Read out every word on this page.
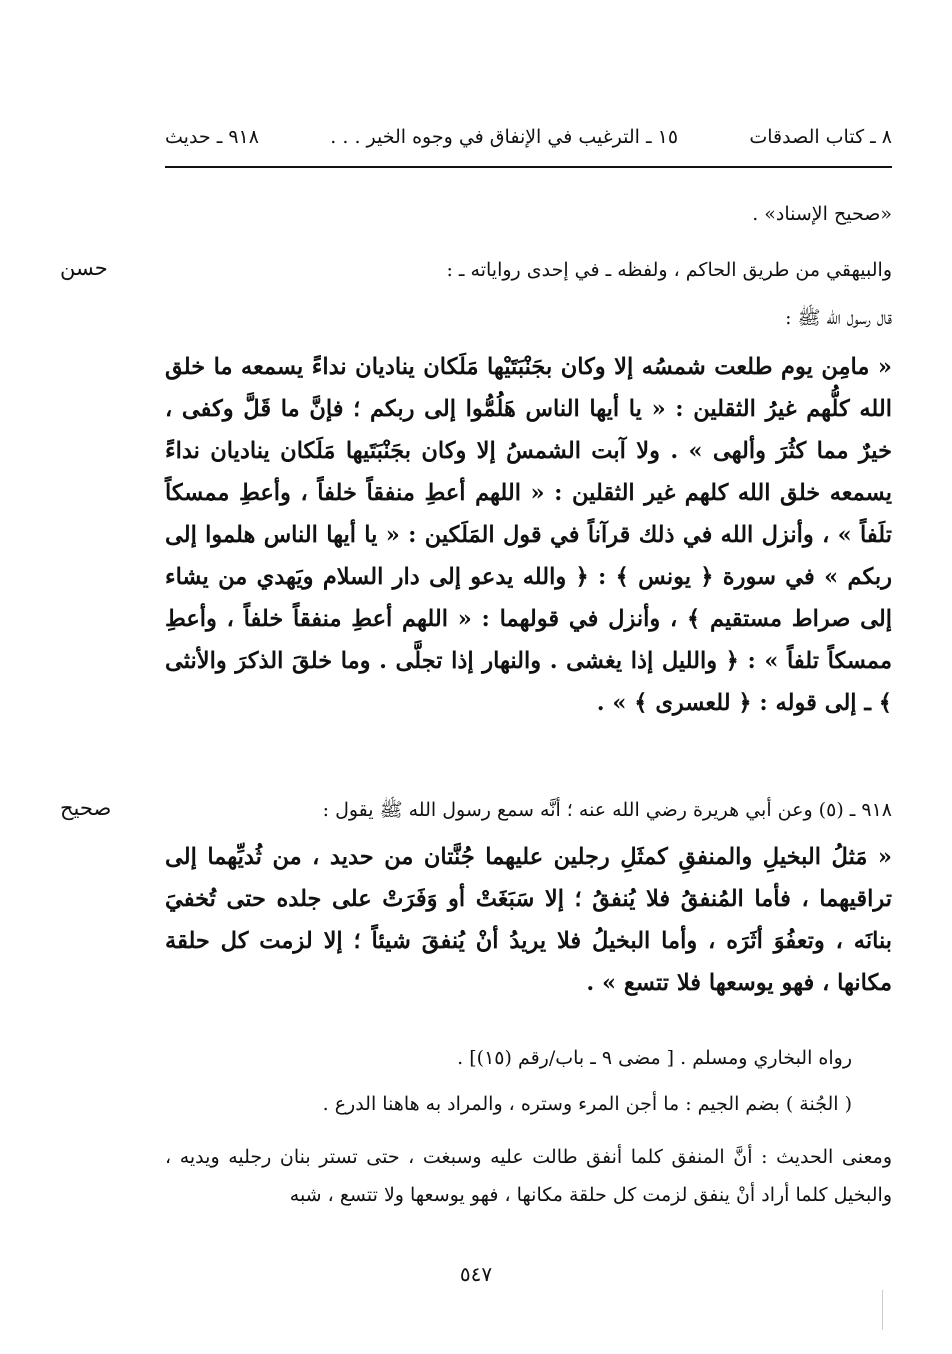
٨ ـ كتاب الصدقات
١٥ ـ الترغيب في الإنفاق في وجوه الخير . . .
٩١٨ ـ حديث
«صحيح الإسناد» .
والبيهقي من طريق الحاكم ، ولفظه ـ في إحدى رواياته ـ :
حسن
قال رسول الله ﷺ :
« مامِن يوم طلعت شمسُه إلا وكان بجَنْبَتَيْها مَلَكان يناديان نداءً يسمعه ما خلق الله كلُّهم غيرُ الثقلين : « يا أيها الناس هَلُمُّوا إلى ربكم ؛ فإنَّ ما قَلَّ وكفى ، خيرٌ مما كثُرَ وألهى » . ولا آبت الشمسُ إلا وكان بجَنْبَتَيها مَلَكان يناديان نداءً يسمعه خلق الله كلهم غير الثقلين : « اللهم أعطِ منفقاً خلفاً ، وأعطِ ممسكاً تلَفاً » ، وأنزل الله في ذلك قرآناً في قول المَلَكين : « يا أيها الناس هلموا إلى ربكم » في سورة ﴿ يونس ﴾ : ﴿ والله يدعو إلى دار السلام ويَهدي من يشاء إلى صراط مستقيم ﴾ ، وأنزل في قولهما : « اللهم أعطِ منفقاً خلفاً ، وأعطِ ممسكاً تلفاً » : ﴿ والليل إذا يغشى . والنهار إذا تجلَّى . وما خلقَ الذكرَ والأنثى ﴾ ـ إلى قوله : ﴿ للعسرى ﴾ » .
٩١٨ ـ (٥) وعن أبي هريرة رضي الله عنه ؛ أنَّه سمع رسول الله ﷺ يقول :
صحيح
« مَثلُ البخيلِ والمنفقِ كمثَلِ رجلين عليهما جُنَّتان من حديد ، من ثُديِّهما إلى تراقيهما ، فأما المُنفقُ فلا يُنفقُ ؛ إلا سَبَغَتْ أو وَفَرَتْ على جلده حتى تُخفيَ بنانَه ، وتعفُوَ أثَرَه ، وأما البخيلُ فلا يريدُ أنْ يُنفقَ شيئاً ؛ إلا لزمت كل حلقة مكانها ، فهو يوسعها فلا تتسع » .
رواه البخاري ومسلم . [ مضى ٩ ـ باب/رقم (١٥)] .
( الجُنة ) بضم الجيم : ما أجن المرء وستره ، والمراد به هاهنا الدرع .
ومعنى الحديث : أنَّ المنفق كلما أنفق طالت عليه وسبغت ، حتى تستر بنان رجليه ويديه ، والبخيل كلما أراد أنْ ينفق لزمت كل حلقة مكانها ، فهو يوسعها ولا تتسع ، شبه
٥٤٧
